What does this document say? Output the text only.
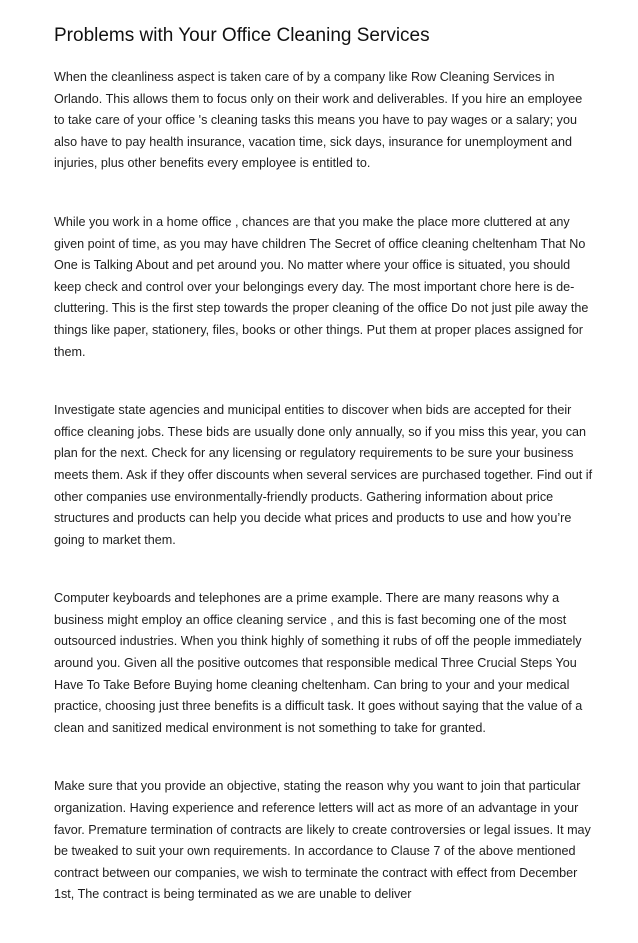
Problems with Your Office Cleaning Services

When the cleanliness aspect is taken care of by a company like Row Cleaning Services in Orlando. This allows them to focus only on their work and deliverables. If you hire an employee to take care of your office 's cleaning tasks this means you have to pay wages or a salary; you also have to pay health insurance, vacation time, sick days, insurance for unemployment and injuries, plus other benefits every employee is entitled to.

While you work in a home office , chances are that you make the place more cluttered at any given point of time, as you may have children The Secret of office cleaning cheltenham That No One is Talking About and pet around you. No matter where your office is situated, you should keep check and control over your belongings every day. The most important chore here is de-cluttering. This is the first step towards the proper cleaning of the office Do not just pile away the things like paper, stationery, files, books or other things. Put them at proper places assigned for them.

Investigate state agencies and municipal entities to discover when bids are accepted for their office cleaning jobs. These bids are usually done only annually, so if you miss this year, you can plan for the next. Check for any licensing or regulatory requirements to be sure your business meets them. Ask if they offer discounts when several services are purchased together. Find out if other companies use environmentally-friendly products. Gathering information about price structures and products can help you decide what prices and products to use and how you’re going to market them.

Computer keyboards and telephones are a prime example. There are many reasons why a business might employ an office cleaning service , and this is fast becoming one of the most outsourced industries. When you think highly of something it rubs of off the people immediately around you. Given all the positive outcomes that responsible medical Three Crucial Steps You Have To Take Before Buying home cleaning cheltenham. Can bring to your and your medical practice, choosing just three benefits is a difficult task. It goes without saying that the value of a clean and sanitized medical environment is not something to take for granted.

Make sure that you provide an objective, stating the reason why you want to join that particular organization. Having experience and reference letters will act as more of an advantage in your favor. Premature termination of contracts are likely to create controversies or legal issues. It may be tweaked to suit your own requirements. In accordance to Clause 7 of the above mentioned contract between our companies, we wish to terminate the contract with effect from December 1st, The contract is being terminated as we are unable to deliver
